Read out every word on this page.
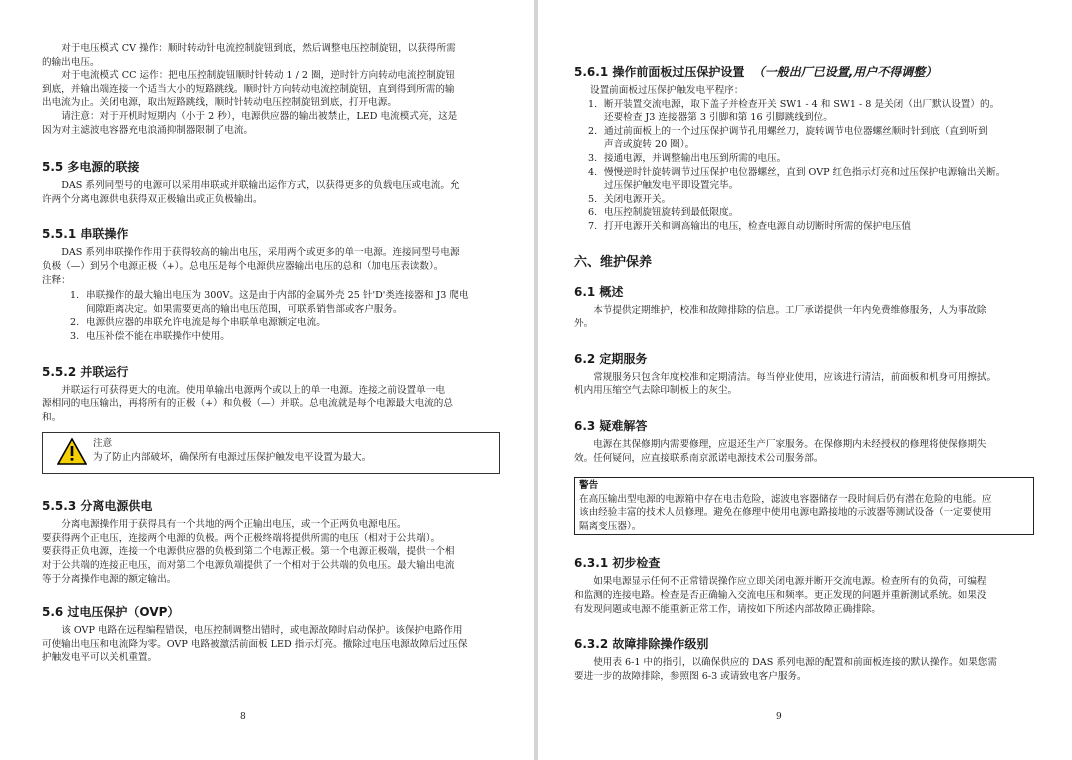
对于电压模式 CV 操作：顺时转动针电流控制旋钮到底，然后调整电压控制旋钮，以获得所需
的输出电压。

对于电流模式 CC 运作：把电压控制旋钮顺时针转动 1 / 2 圈，逆时针方向转动电流控制旋钮
到底，并输出端连接一个适当大小的短路跳线。顺时针方向转动电流控制旋钮，直到得到所需的输
出电流为止。关闭电源，取出短路跳线，顺时针转动电压控制旋钮到底，打开电源。

请注意：对于开机时短期内（小于 2 秒），电源供应器的输出被禁止，LED 电流模式亮，这是
因为对主滤波电容器充电浪涌抑制器限制了电流。

5.5 多电源的联接

DAS 系列同型号的电源可以采用串联或并联输出运作方式，以获得更多的负载电压或电流。允
许两个分离电源供电获得双正极输出或正负极输出。

5.5.1 串联操作

DAS 系列串联操作作用于获得较高的输出电压，采用两个或更多的单一电源。连接同型号电源
负极（—）到另个电源正极（+）。总电压是每个电源供应器输出电压的总和（加电压表读数）。
注释：

1. 串联操作的最大输出电压为 300V。这是由于内部的金属外壳 25 针'D'类连接器和 J3 爬电
间隙距离决定。如果需要更高的输出电压范围，可联系销售部或客户服务。
2. 电源供应器的串联允许电流是每个串联单电源额定电流。
3. 电压补偿不能在串联操作中使用。
5.5.2 并联运行

并联运行可获得更大的电流。使用单输出电源两个或以上的单一电源。连接之前设置单一电
源相同的电压输出，再将所有的正极（+）和负极（—）并联。总电流就是每个电源最大电流的总
和。

注意
为了防止内部破坏，确保所有电源过压保护触发电平设置为最大。
5.5.3 分离电源供电

分离电源操作用于获得具有一个共地的两个正输出电压，或一个正两负电源电压。
要获得两个正电压，连接两个电源的负极。两个正极终端将提供所需的电压（相对于公共端）。
要获得正负电源，连接一个电源供应器的负极到第二个电源正极。第一个电源正极端，提供一个相
对于公共端的连接正电压，而对第二个电源负端提供了一个相对于公共端的负电压。最大输出电流
等于分离操作电源的额定输出。

5.6 过电压保护（OVP）

该 OVP 电路在远程编程错误，电压控制调整出错时，或电源故障时启动保护。该保护电路作用
可使输出电压和电流降为零。OVP 电路被激活前面板 LED 指示灯亮。撤除过电压电源故障后过压保
护触发电平可以关机重置。

8
5.6.1 操作前面板过压保护设置 （一般出厂已设置,用户不得调整）

设置前面板过压保护触发电平程序：

1. 断开装置交流电源，取下盖子并检查开关 SW1 - 4 和 SW1 - 8 是关闭（出厂默认设置）的。
还要检查 J3 连接器第 3 引脚和第 16 引脚跳线到位。
2. 通过前面板上的一个过压保护调节孔用螺丝刀，旋转调节电位器螺丝顺时针到底（直到听到
声音或旋转 20 圈）。
3. 接通电源，并调整输出电压到所需的电压。
4. 慢慢逆时针旋转调节过压保护电位器螺丝，直到 OVP 红色指示灯亮和过压保护电源输出关断。
过压保护触发电平即设置完毕。
5. 关闭电源开关。
6. 电压控制旋钮旋转到最低限度。
7. 打开电源开关和调高输出的电压，检查电源自动切断时所需的保护电压值
六、维护保养
6.1 概述

本节提供定期维护，校准和故障排除的信息。工厂承诺提供一年内免费维修服务，人为事故除
外。

6.2 定期服务

常规服务只包含年度校准和定期清洁。每当停业使用，应该进行清洁，前面板和机身可用擦拭。
机内用压缩空气去除印制板上的灰尘。

6.3 疑难解答

电源在其保修期内需要修理，应退还生产厂家服务。在保修期内未经授权的修理将使保修期失
效。任何疑问，应直接联系南京派诺电源技术公司服务部。

警告
在高压输出型电源的电源箱中存在电击危险，滤波电容器储存一段时间后仍有潜在危险的电能。应
该由经验丰富的技术人员修理。避免在修理中使用电源电路接地的示波器等测试设备（一定要使用
隔离变压器）。
6.3.1 初步检查

如果电源显示任何不正常错误操作应立即关闭电源并断开交流电源。检查所有的负荷，可编程
和监测的连接电路。检查是否正确输入交流电压和频率。更正发现的问题并重新测试系统。如果没
有发现问题或电源不能重新正常工作，请按如下所述内部故障正确排除。

6.3.2 故障排除操作级别

使用表 6-1 中的指引，以确保供应的 DAS 系列电源的配置和前面板连接的默认操作。如果您需
要进一步的故障排除，参照图 6-3 或请致电客户服务。

9
